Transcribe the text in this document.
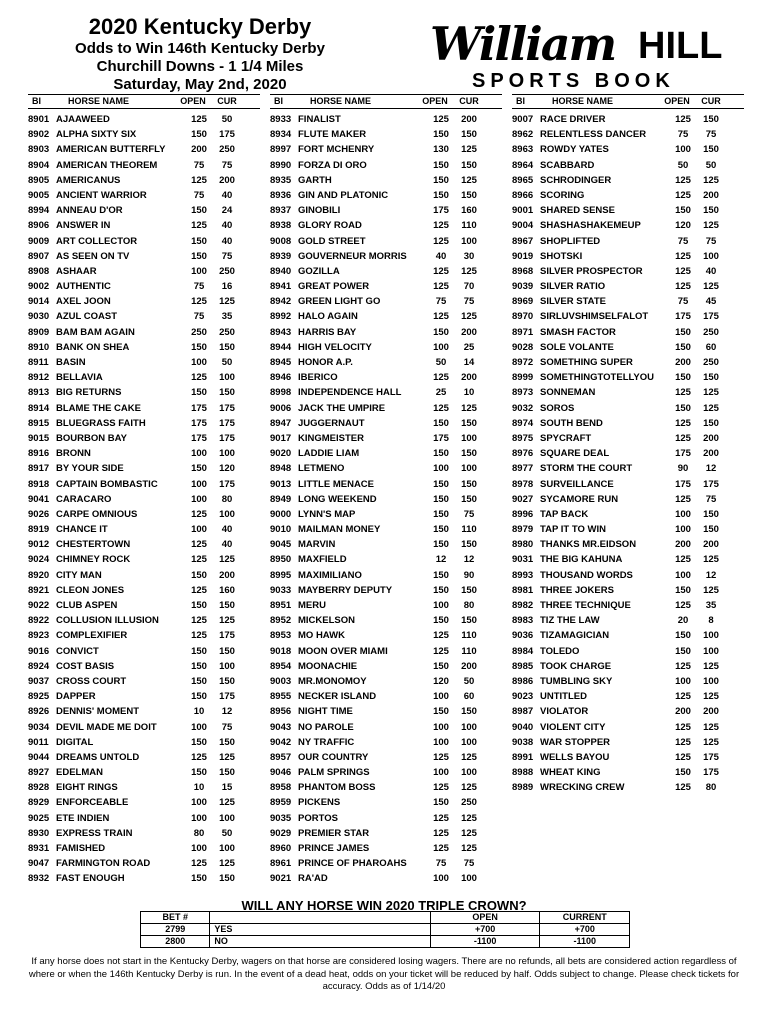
2020 Kentucky Derby
Odds to Win 146th Kentucky Derby
Churchill Downs - 1 1/4 Miles
Saturday, May 2nd, 2020
William HILL
SPORTS BOOK
BI	HORSE NAME	OPEN	CUR
8901 AJAAWEED	125	50
8902 ALPHA SIXTY SIX	150	175
8903 AMERICAN BUTTERFLY	200	250
8904 AMERICAN THEOREM	75	75
8905 AMERICANUS	125	200
9005 ANCIENT WARRIOR	75	40
8994 ANNEAU D'OR	150	24
8906 ANSWER IN	125	40
9009 ART COLLECTOR	150	40
8907 AS SEEN ON TV	150	75
8908 ASHAAR	100	250
9002 AUTHENTIC	75	16
9014 AXEL JOON	125	125
9030 AZUL COAST	75	35
8909 BAM BAM AGAIN	250	250
8910 BANK ON SHEA	150	150
8911 BASIN	100	50
8912 BELLAVIA	125	100
8913 BIG RETURNS	150	150
8914 BLAME THE CAKE	175	175
8915 BLUEGRASS FAITH	175	175
9015 BOURBON BAY	175	175
8916 BRONN	100	100
8917 BY YOUR SIDE	150	120
8918 CAPTAIN BOMBASTIC	100	175
9041 CARACARO	100	80
9026 CARPE OMNIOUS	125	100
8919 CHANCE IT	100	40
9012 CHESTERTOWN	125	40
9024 CHIMNEY ROCK	125	125
8920 CITY MAN	150	200
8921 CLEON JONES	125	160
9022 CLUB ASPEN	150	150
8922 COLLUSION ILLUSION	125	125
8923 COMPLEXIFIER	125	175
9016 CONVICT	150	150
8924 COST BASIS	150	100
9037 CROSS COURT	150	150
8925 DAPPER	150	175
8926 DENNIS' MOMENT	10	12
9034 DEVIL MADE ME DOIT	100	75
9011 DIGITAL	150	150
9044 DREAMS UNTOLD	125	125
8927 EDELMAN	150	150
8928 EIGHT RINGS	10	15
8929 ENFORCEABLE	100	125
9025 ETE INDIEN	100	100
8930 EXPRESS TRAIN	80	50
8931 FAMISHED	100	100
9047 FARMINGTON ROAD	125	125
8932 FAST ENOUGH	150	150
BI	HORSE NAME	OPEN	CUR
8933 FINALIST	125	200
8934 FLUTE MAKER	150	150
8997 FORT MCHENRY	130	125
8990 FORZA DI ORO	150	150
8935 GARTH	150	125
8936 GIN AND PLATONIC	150	150
8937 GINOBILI	175	160
8938 GLORY ROAD	125	110
9008 GOLD STREET	125	100
8939 GOUVERNEUR MORRIS	40	30
8940 GOZILLA	125	125
8941 GREAT POWER	125	70
8942 GREEN LIGHT GO	75	75
8992 HALO AGAIN	125	125
8943 HARRIS BAY	150	200
8944 HIGH VELOCITY	100	25
8945 HONOR A.P.	50	14
8946 IBERICO	125	200
8998 INDEPENDENCE HALL	25	10
9006 JACK THE UMPIRE	125	125
8947 JUGGERNAUT	150	150
9017 KINGMEISTER	175	100
9020 LADDIE LIAM	150	150
8948 LETMENO	100	100
9013 LITTLE MENACE	150	150
8949 LONG WEEKEND	150	150
9000 LYNN'S MAP	150	75
9010 MAILMAN MONEY	150	110
9045 MARVIN	150	150
8950 MAXFIELD	12	12
8995 MAXIMILIANO	150	90
9033 MAYBERRY DEPUTY	150	150
8951 MERU	100	80
8952 MICKELSON	150	150
8953 MO HAWK	125	110
9018 MOON OVER MIAMI	125	110
8954 MOONACHIE	150	200
9003 MR.MONOMOY	120	50
8955 NECKER ISLAND	100	60
8956 NIGHT TIME	150	150
9043 NO PAROLE	100	100
9042 NY TRAFFIC	100	100
8957 OUR COUNTRY	125	125
9046 PALM SPRINGS	100	100
8958 PHANTOM BOSS	125	125
8959 PICKENS	150	250
9035 PORTOS	125	125
9029 PREMIER STAR	125	125
8960 PRINCE JAMES	125	125
8961 PRINCE OF PHAROAHS	75	75
9021 RA'AD	100	100
BI	HORSE NAME	OPEN	CUR
9007 RACE DRIVER	125	150
8962 RELENTLESS DANCER	75	75
8963 ROWDY YATES	100	150
8964 SCABBARD	50	50
8965 SCHRODINGER	125	125
8966 SCORING	125	200
9001 SHARED SENSE	150	150
9004 SHASHASHAKEMEUP	120	125
8967 SHOPLIFTED	75	75
9019 SHOTSKI	125	100
8968 SILVER PROSPECTOR	125	40
9039 SILVER RATIO	125	125
8969 SILVER STATE	75	45
8970 SIRLUVSHIMSELFALOT	175	175
8971 SMASH FACTOR	150	250
9028 SOLE VOLANTE	150	60
8972 SOMETHING SUPER	200	250
8999 SOMETHINGTOTELLYOU	150	150
8973 SONNEMAN	125	125
9032 SOROS	150	125
8974 SOUTH BEND	125	150
8975 SPYCRAFT	125	200
8976 SQUARE DEAL	175	200
8977 STORM THE COURT	90	12
8978 SURVEILLANCE	175	175
9027 SYCAMORE RUN	125	75
8996 TAP BACK	100	150
8979 TAP IT TO WIN	100	150
8980 THANKS MR.EIDSON	200	200
9031 THE BIG KAHUNA	125	125
8993 THOUSAND WORDS	100	12
8981 THREE JOKERS	150	125
8982 THREE TECHNIQUE	125	35
8983 TIZ THE LAW	20	8
9036 TIZAMAGICIAN	150	100
8984 TOLEDO	150	100
8985 TOOK CHARGE	125	125
8986 TUMBLING SKY	100	100
9023 UNTITLED	125	125
8987 VIOLATOR	200	200
9040 VIOLENT CITY	125	125
9038 WAR STOPPER	125	125
8991 WELLS BAYOU	125	175
8988 WHEAT KING	150	175
8989 WRECKING CREW	125	80
WILL ANY HORSE WIN 2020 TRIPLE CROWN?
BET #		OPEN	CURRENT
2799	YES	+700	+700
2800	NO	-1100	-1100
If any horse does not start in the Kentucky Derby, wagers on that horse are considered losing wagers. There are no refunds, all bets are considered action regardless of where or when the 146th Kentucky Derby is run. In the event of a dead heat, odds on your ticket will be reduced by half. Odds subject to change. Please check tickets for accuracy. Odds as of 1/14/20
